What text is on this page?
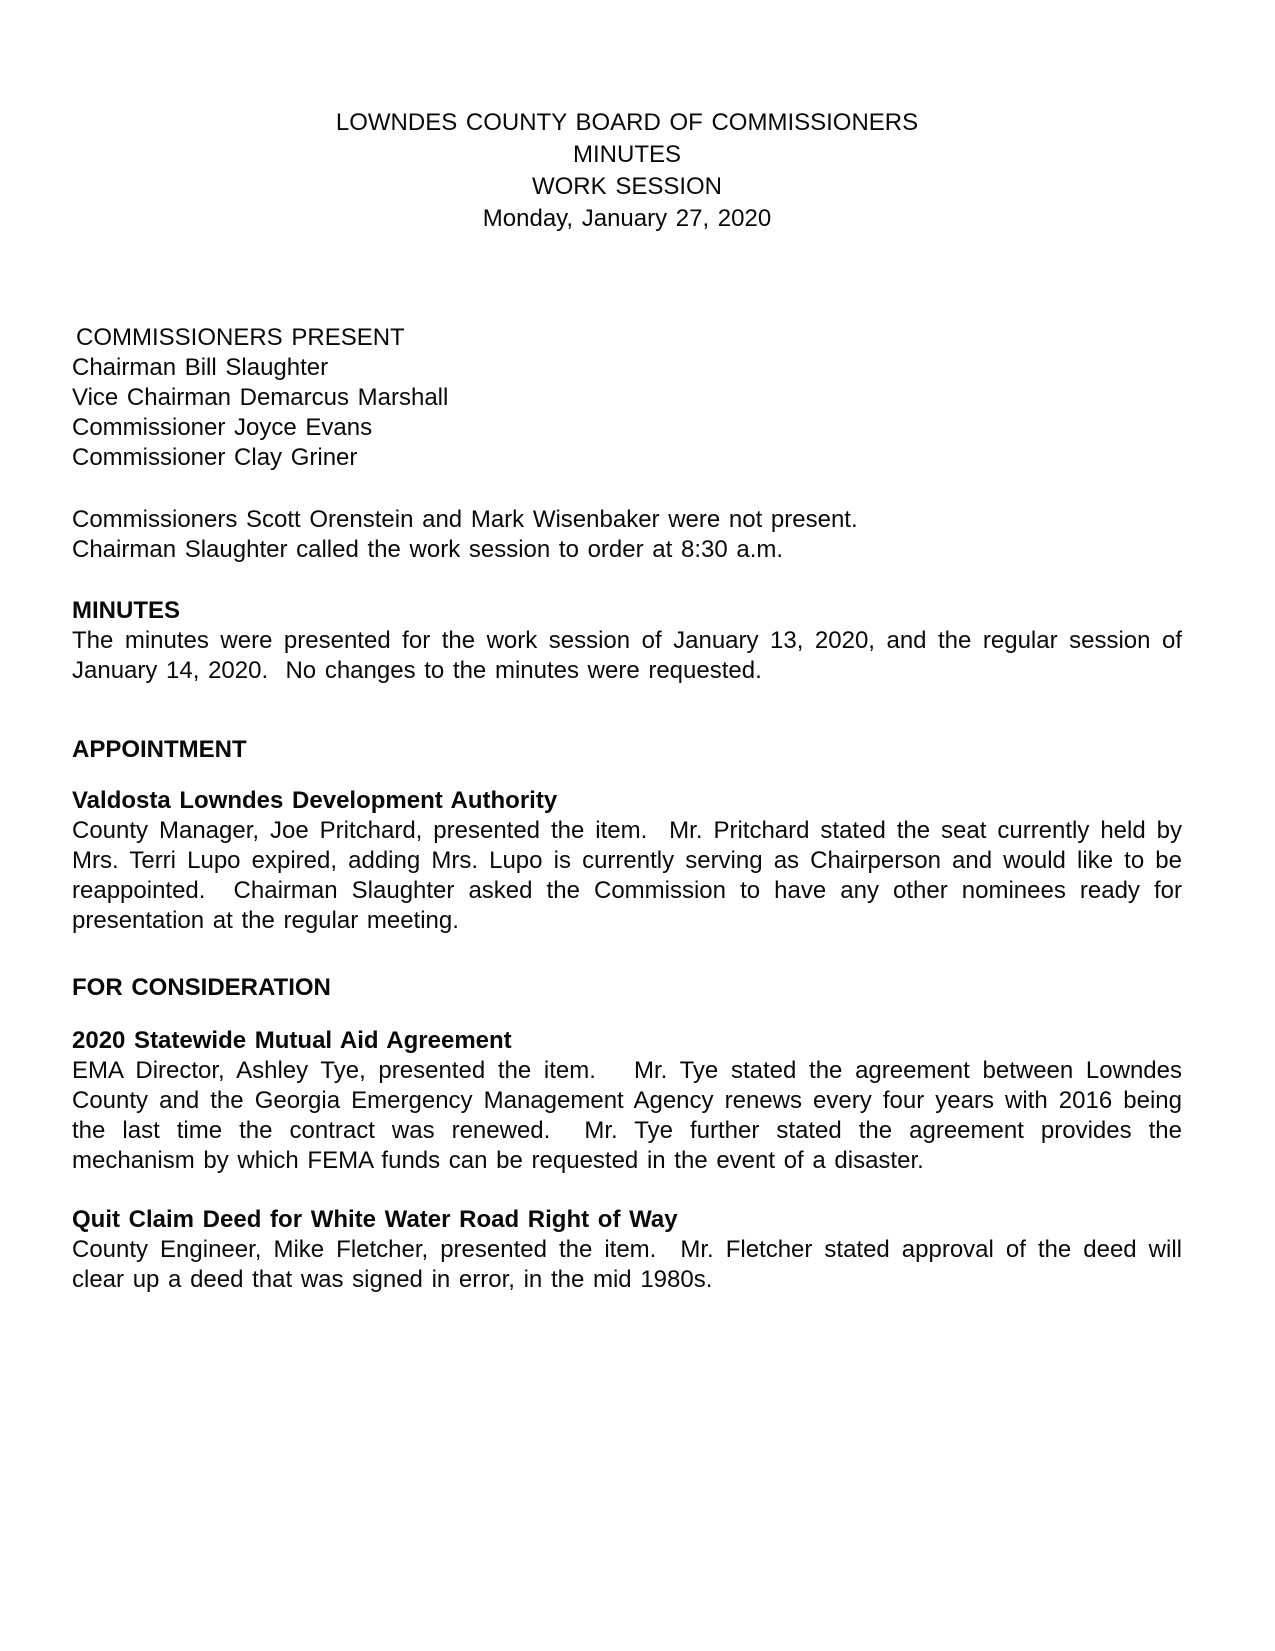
LOWNDES COUNTY BOARD OF COMMISSIONERS
MINUTES
WORK SESSION
Monday, January 27, 2020
COMMISSIONERS PRESENT
Chairman Bill Slaughter
Vice Chairman Demarcus Marshall
Commissioner Joyce Evans
Commissioner Clay Griner
Commissioners Scott Orenstein and Mark Wisenbaker were not present.
Chairman Slaughter called the work session to order at 8:30 a.m.
MINUTES

The minutes were presented for the work session of January 13, 2020, and the regular session of January 14, 2020.  No changes to the minutes were requested.

APPOINTMENT
Valdosta Lowndes Development Authority

County Manager, Joe Pritchard, presented the item.  Mr. Pritchard stated the seat currently held by Mrs. Terri Lupo expired, adding Mrs. Lupo is currently serving as Chairperson and would like to be reappointed.  Chairman Slaughter asked the Commission to have any other nominees ready for presentation at the regular meeting.

FOR CONSIDERATION
2020 Statewide Mutual Aid Agreement

EMA Director, Ashley Tye, presented the item.   Mr. Tye stated the agreement between Lowndes County and the Georgia Emergency Management Agency renews every four years with 2016 being the last time the contract was renewed.  Mr. Tye further stated the agreement provides the mechanism by which FEMA funds can be requested in the event of a disaster.

Quit Claim Deed for White Water Road Right of Way

County Engineer, Mike Fletcher, presented the item.  Mr. Fletcher stated approval of the deed will clear up a deed that was signed in error, in the mid 1980s.
